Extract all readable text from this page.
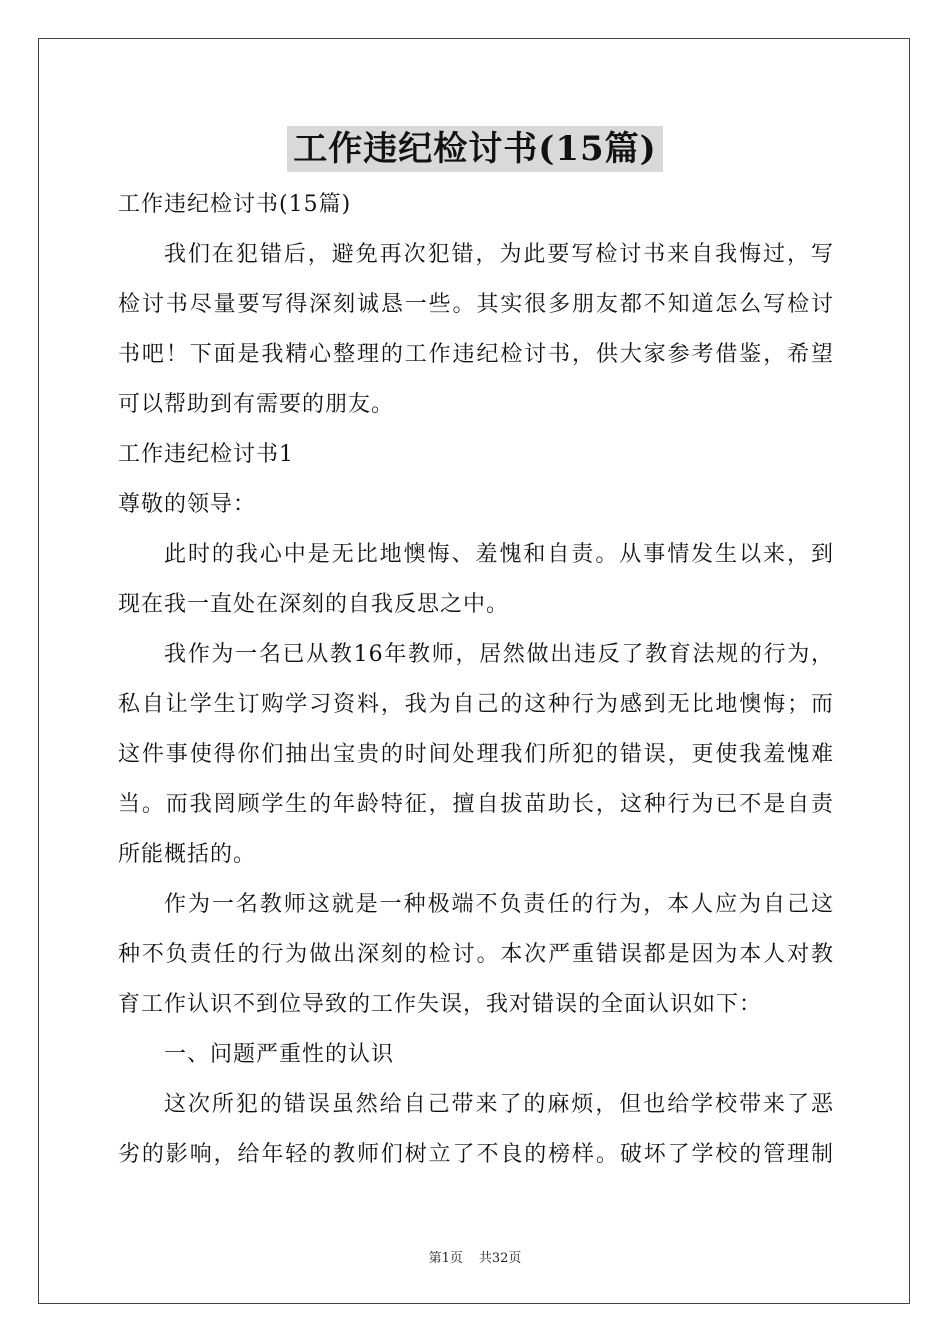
工作违纪检讨书(15篇)
工作违纪检讨书(15篇)
我们在犯错后，避免再次犯错，为此要写检讨书来自我悔过，写
检讨书尽量要写得深刻诚恳一些。其实很多朋友都不知道怎么写检讨
书吧！下面是我精心整理的工作违纪检讨书，供大家参考借鉴，希望
可以帮助到有需要的朋友。
工作违纪检讨书1
尊敬的领导：
此时的我心中是无比地懊悔、羞愧和自责。从事情发生以来，到
现在我一直处在深刻的自我反思之中。
我作为一名已从教16年教师，居然做出违反了教育法规的行为，
私自让学生订购学习资料，我为自己的这种行为感到无比地懊悔；而
这件事使得你们抽出宝贵的时间处理我们所犯的错误，更使我羞愧难
当。而我罔顾学生的年龄特征，擅自拔苗助长，这种行为已不是自责
所能概括的。
作为一名教师这就是一种极端不负责任的行为，本人应为自己这
种不负责任的行为做出深刻的检讨。本次严重错误都是因为本人对教
育工作认识不到位导致的工作失误，我对错误的全面认识如下：
一、问题严重性的认识
这次所犯的错误虽然给自己带来了的麻烦，但也给学校带来了恶
劣的影响，给年轻的教师们树立了不良的榜样。破坏了学校的管理制
第1页 共32页
